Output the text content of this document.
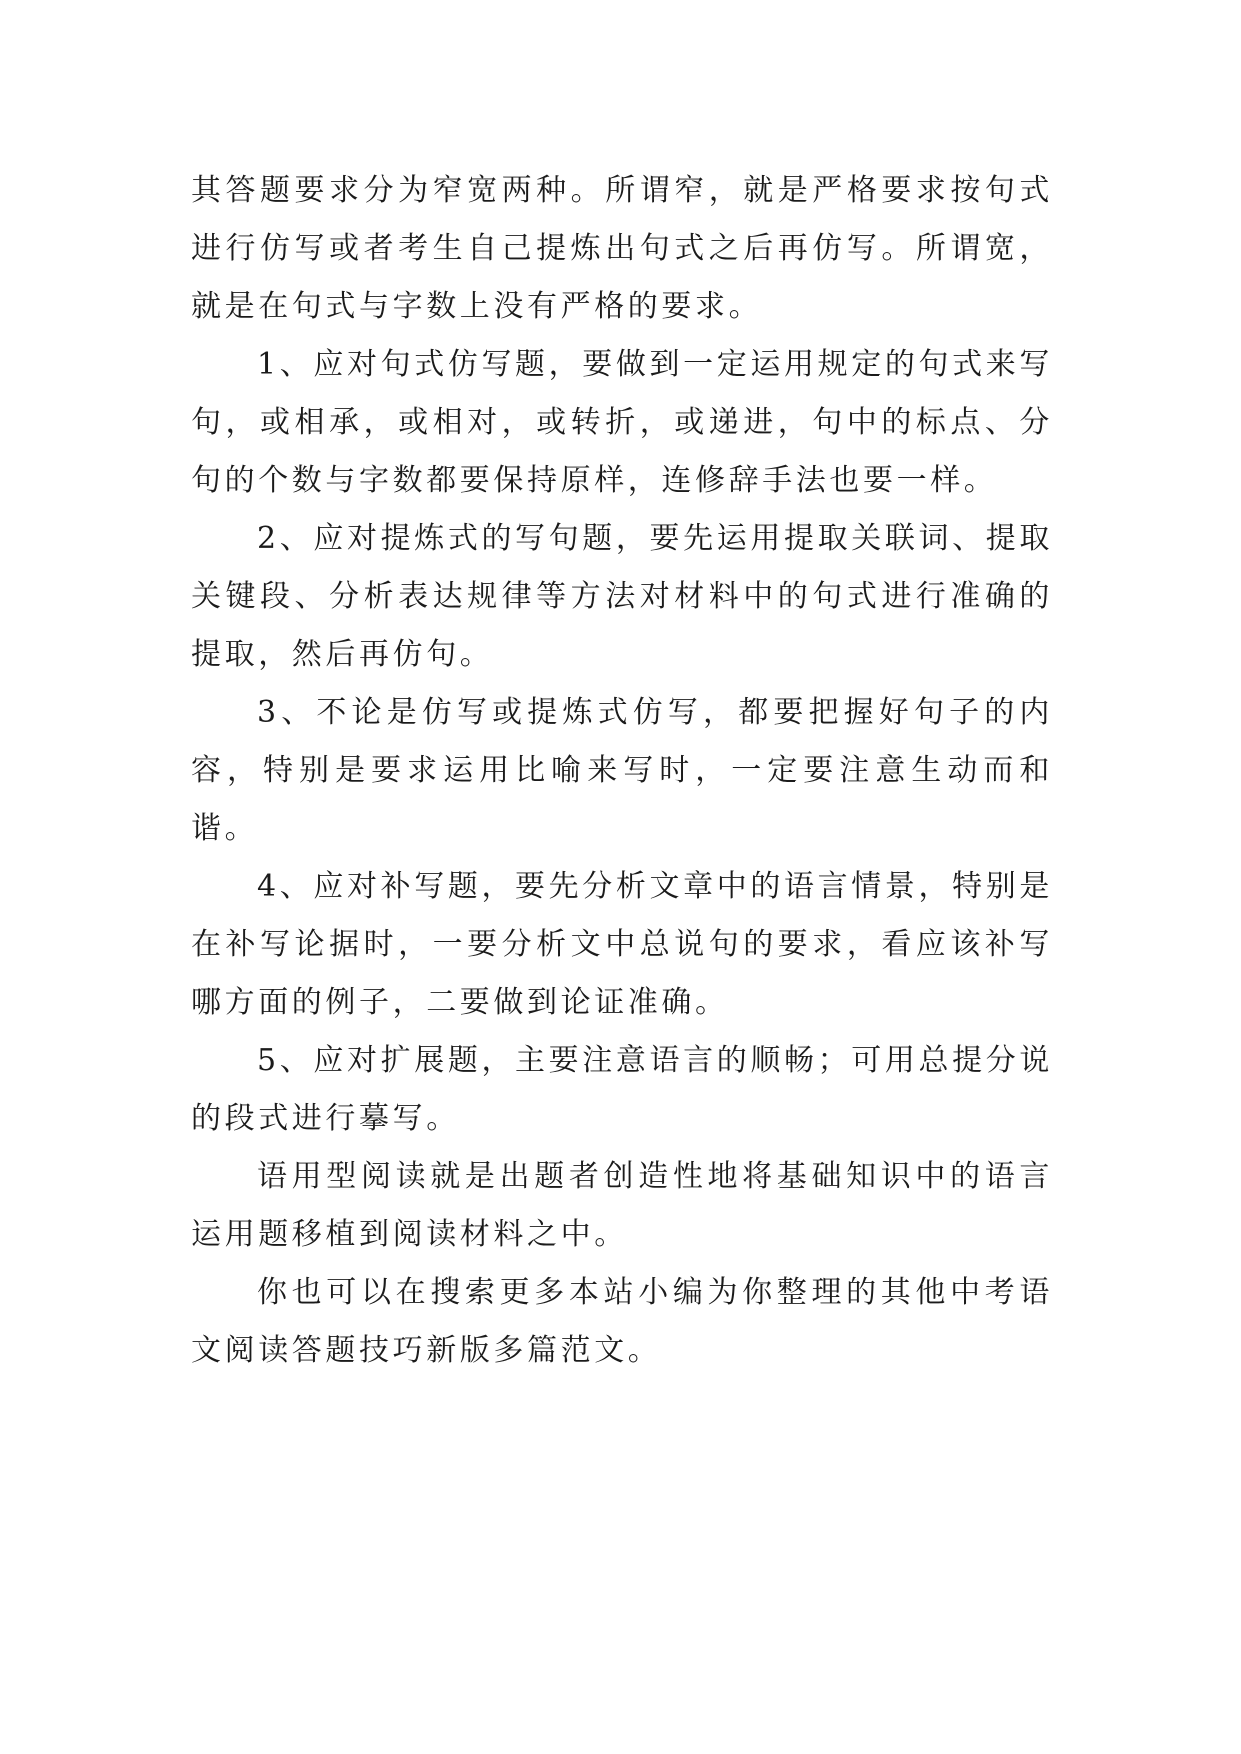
其答题要求分为窄宽两种。所谓窄，就是严格要求按句式进行仿写或者考生自己提炼出句式之后再仿写。所谓宽，就是在句式与字数上没有严格的要求。

1、应对句式仿写题，要做到一定运用规定的句式来写句，或相承，或相对，或转折，或递进，句中的标点、分句的个数与字数都要保持原样，连修辞手法也要一样。

2、应对提炼式的写句题，要先运用提取关联词、提取关键段、分析表达规律等方法对材料中的句式进行准确的提取，然后再仿句。

3、不论是仿写或提炼式仿写，都要把握好句子的内容，特别是要求运用比喻来写时，一定要注意生动而和谐。

4、应对补写题，要先分析文章中的语言情景，特别是在补写论据时，一要分析文中总说句的要求，看应该补写哪方面的例子，二要做到论证准确。

5、应对扩展题，主要注意语言的顺畅；可用总提分说的段式进行摹写。

语用型阅读就是出题者创造性地将基础知识中的语言运用题移植到阅读材料之中。

你也可以在搜索更多本站小编为你整理的其他中考语文阅读答题技巧新版多篇范文。
